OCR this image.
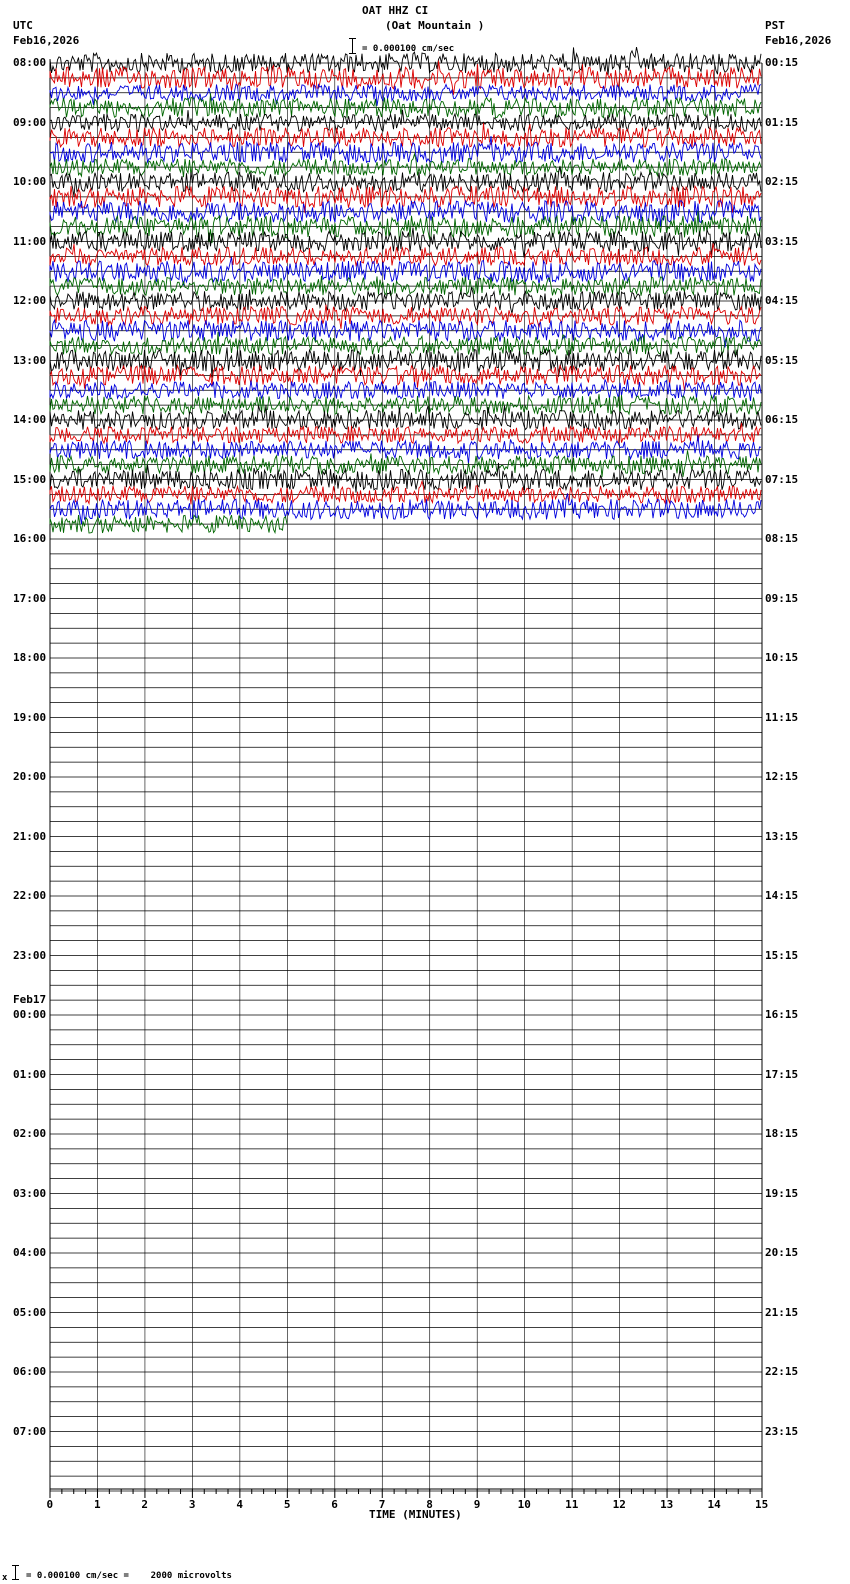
OAT HHZ CI
(Oat Mountain )
= 0.000100 cm/sec
UTC
Feb16,2026
PST
Feb16,2026
08:00
09:00
10:00
11:00
12:00
13:00
14:00
15:00
16:00
17:00
18:00
19:00
20:00
21:00
22:00
23:00
00:00
Feb17
01:00
02:00
03:00
04:00
05:00
06:00
07:00
00:15
01:15
02:15
03:15
04:15
05:15
06:15
07:15
08:15
09:15
10:15
11:15
12:15
13:15
14:15
15:15
16:15
17:15
18:15
19:15
20:15
21:15
22:15
23:15
0	1	2	3	4	5	6	7	8	9	10	11	12	13	14	15
TIME (MINUTES)
x = 0.000100 cm/sec =    2000 microvolts
